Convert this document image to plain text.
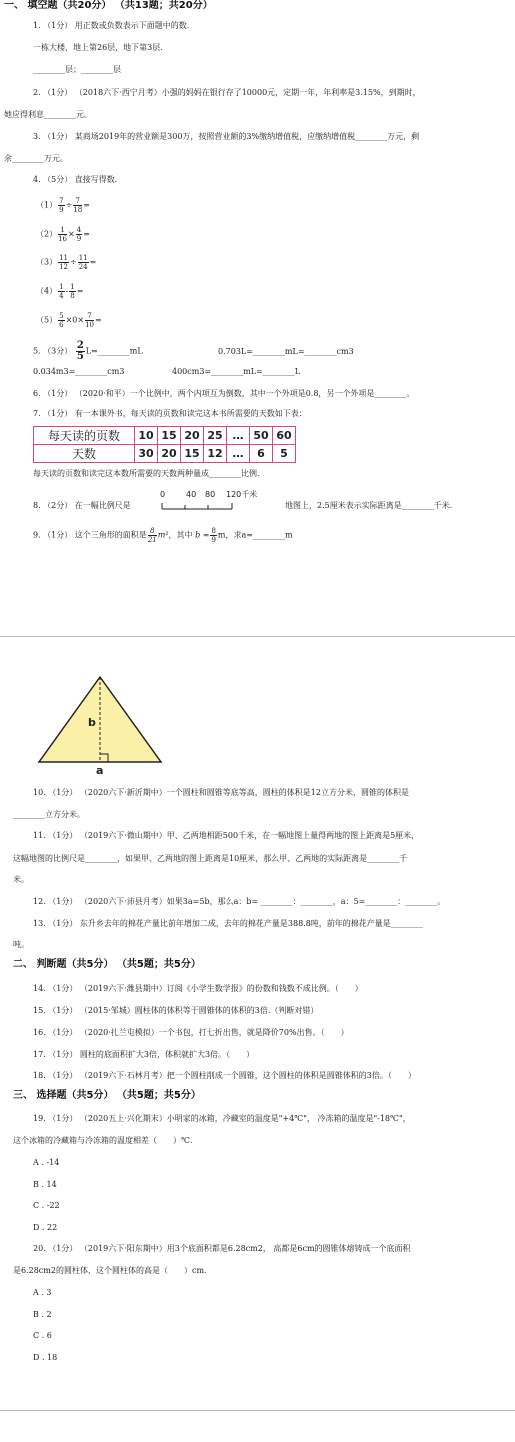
一、 填空题（共20分） （共13题；共20分）
1. （1分） 用正数或负数表示下面题中的数.
一栋大楼，地上第26层，地下第3层.
________层；________层
2. （1分） （2018六下·西宁月考）小强的妈妈在银行存了10000元，定期一年，年利率是3.15%，到期时，
她应得利息________元。
3. （1分） 某商场2019年的营业额是300万，按照营业额的3%缴纳增值税，应缴纳增值税________万元，剩
余________万元。
4. （5分） 直接写得数.
$(1) \frac{7}{9} \div \frac{7}{18}$ =
$(2) \frac{1}{16} \times \frac{4}{9}$ =
$(3) \frac{11}{12} \div \frac{11}{24}$ =
$(4) \frac{1}{4} - \frac{1}{8}$ =
$(5) \frac{5}{6} \times 0\times \frac{7}{10}$ =
5. （3分） $\frac{2}{5}$ L=________mL	0.703L=________mL=________cm3
0.034m3=________cm3	400cm3=________mL=________L
6. （1分） （2020·和平）一个比例中，两个内项互为倒数，其中一个外项是0.8，另一个外项是________。
7. （1分） 有一本课外书，每天读的页数和读完这本书所需要的天数如下表：
每天读的页数	10	15	20	25	…	50	60
天数	30	20	15	12	…	6	5
每天读的页数和读完这本数所需要的天数两种量成________比例.
8. （2分） 在一幅比例尺是
0	40 80 120千米
地图上，2.5厘米表示实际距离是________千米.
9. （1分） 这个三角形的面积是 $\frac{8}{21} m^2$，其中 $b = \frac{8}{9}$ m，求a=________m
b
a
10. （1分） （2020六下·新沂期中）一个圆柱和圆锥等底等高，圆柱的体积是12立方分米，圆锥的体积是
________立方分米。
11. （1分） （2019六下·微山期中）甲、乙两地相距500千米，在一幅地图上量得两地的图上距离是5厘米，
这幅地图的比例尺是________，如果甲、乙两地的图上距离是10厘米，那么甲、乙两地的实际距离是________千
米。
12. （1分） （2020六下·沛县月考）如果3a=5b，那么a：b= ________：________，a：5=________：________。
13. （1分） 东升乡去年的棉花产量比前年增加二成，去年的棉花产量是388.8吨，前年的棉花产量是________
吨。
二、 判断题（共5分） （共5题；共5分）
14. （1分） （2019六下·潍县期中）订阅《小学生数学报》的份数和钱数不成比例。（　　）
15. （1分） （2015·邹城）圆柱体的体积等于圆锥体的体积的3倍.（判断对错）
16. （1分） （2020·扎兰屯模拟）一个书包，打七折出售，就是降价70%出售。（　　）
17. （1分） 圆柱的底面积扩大3倍，体积就扩大3倍。（　　）
18. （1分） （2019六下·石林月考）把一个圆柱削成一个圆锥，这个圆柱的体积是圆锥体积的3倍。（　　）
三、 选择题（共5分） （共5题；共5分）
19. （1分） （2020五上·兴化期末）小明家的冰箱，冷藏室的温度是"+4℃"， 冷冻箱的温度是"-18℃"，
这个冰箱的冷藏箱与冷冻箱的温度相差（　　）℃.
A . -14
B . 14
C . -22
D . 22
20. （1分） （2019六下·阳东期中）用3个底面积都是6.28cm2， 高都是6cm的圆锥体熔铸成一个底面积
是6.28cm2的圆柱体，这个圆柱体的高是（　　）cm.
A . 3
B . 2
C . 6
D . 18
